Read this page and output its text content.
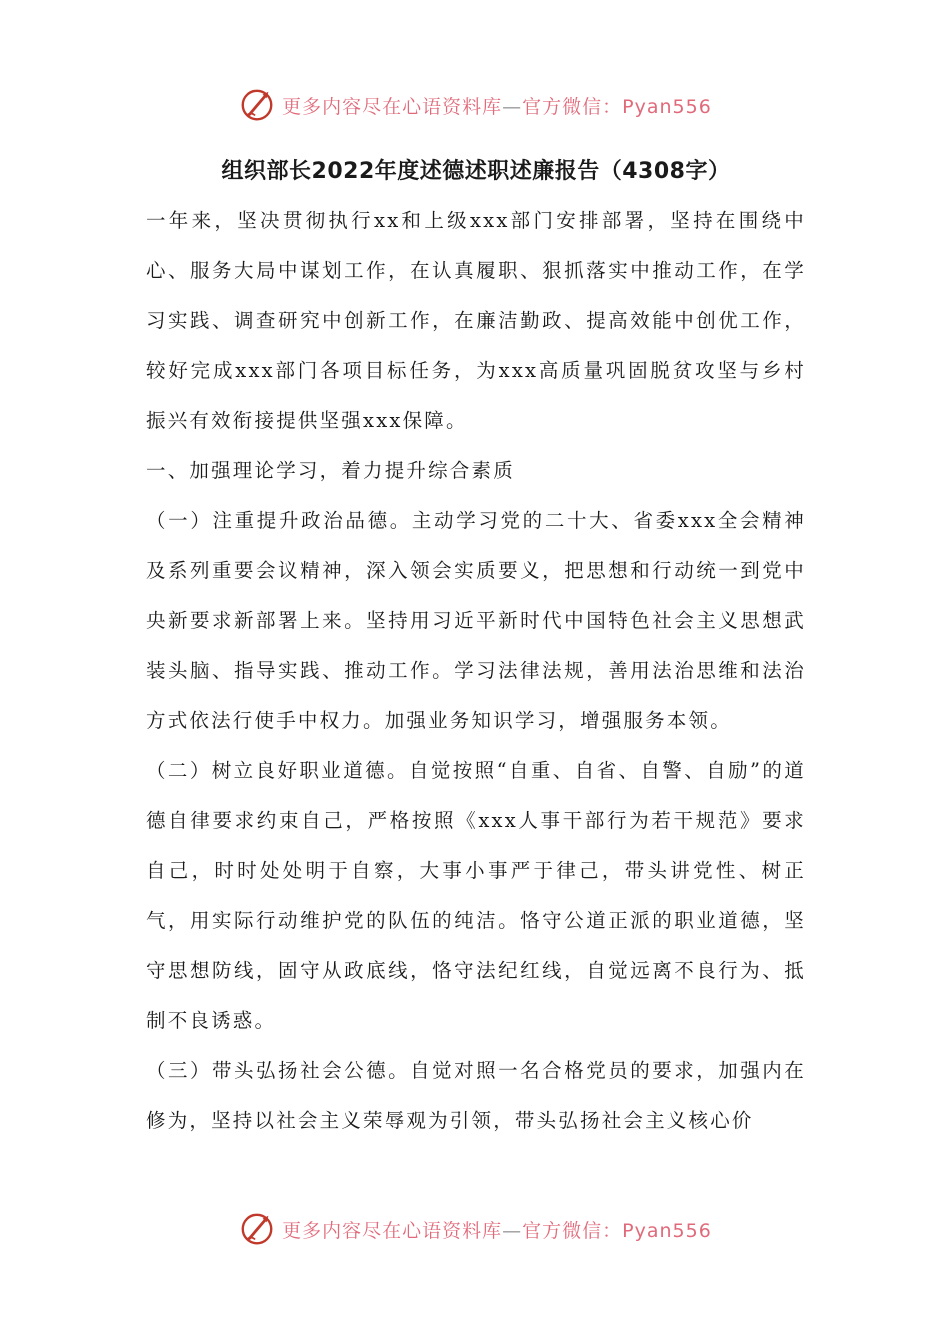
更多内容尽在心语资料库—官方微信：Pyan556
组织部长2022年度述德述职述廉报告（4308字）

一年来，坚决贯彻执行xx和上级xxx部门安排部署，坚持在围绕中心、服务大局中谋划工作，在认真履职、狠抓落实中推动工作，在学习实践、调查研究中创新工作，在廉洁勤政、提高效能中创优工作，较好完成xxx部门各项目标任务，为xxx高质量巩固脱贫攻坚与乡村振兴有效衔接提供坚强xxx保障。

一、加强理论学习，着力提升综合素质

（一）注重提升政治品德。主动学习党的二十大、省委xxx全会精神及系列重要会议精神，深入领会实质要义，把思想和行动统一到党中央新要求新部署上来。坚持用习近平新时代中国特色社会主义思想武装头脑、指导实践、推动工作。学习法律法规，善用法治思维和法治方式依法行使手中权力。加强业务知识学习，增强服务本领。

（二）树立良好职业道德。自觉按照“自重、自省、自警、自励”的道德自律要求约束自己，严格按照《xxx人事干部行为若干规范》要求自己，时时处处明于自察，大事小事严于律己，带头讲党性、树正气，用实际行动维护党的队伍的纯洁。恪守公道正派的职业道德，坚守思想防线，固守从政底线，恪守法纪红线，自觉远离不良行为、抵制不良诱惑。

（三）带头弘扬社会公德。自觉对照一名合格党员的要求，加强内在修为，坚持以社会主义荣辱观为引领，带头弘扬社会主义核心价

更多内容尽在心语资料库—官方微信：Pyan556
